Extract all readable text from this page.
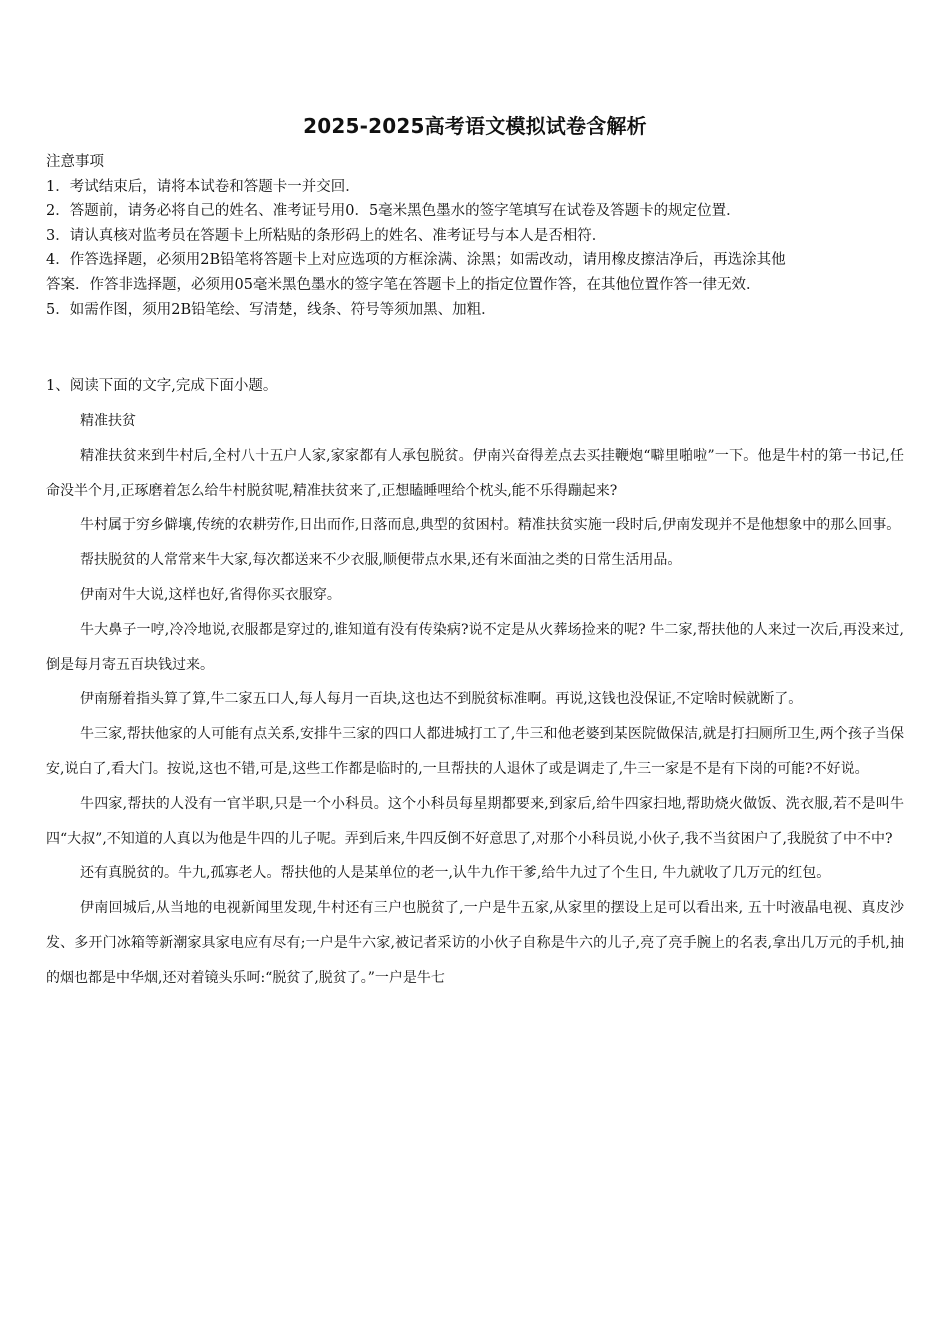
2025-2025高考语文模拟试卷含解析
注意事项
1．考试结束后，请将本试卷和答题卡一并交回．
2．答题前，请务必将自己的姓名、准考证号用0．5毫米黑色墨水的签字笔填写在试卷及答题卡的规定位置．
3．请认真核对监考员在答题卡上所粘贴的条形码上的姓名、准考证号与本人是否相符．
4．作答选择题，必须用2B铅笔将答题卡上对应选项的方框涂满、涂黑；如需改动，请用橡皮擦洁净后，再选涂其他
答案．作答非选择题，必须用05毫米黑色墨水的签字笔在答题卡上的指定位置作答，在其他位置作答一律无效．
5．如需作图，须用2B铅笔绘、写清楚，线条、符号等须加黑、加粗．
1、阅读下面的文字,完成下面小题。
精准扶贫
精准扶贫来到牛村后,全村八十五户人家,家家都有人承包脱贫。伊南兴奋得差点去买挂鞭炮“噼里啪啦”一下。他是牛村的第一书记,任命没半个月,正琢磨着怎么给牛村脱贫呢,精准扶贫来了,正想瞌睡哩给个枕头,能不乐得蹦起来?
牛村属于穷乡僻壤,传统的农耕劳作,日出而作,日落而息,典型的贫困村。精准扶贫实施一段时后,伊南发现并不是他想象中的那么回事。
帮扶脱贫的人常常来牛大家,每次都送来不少衣服,顺便带点水果,还有米面油之类的日常生活用品。
伊南对牛大说,这样也好,省得你买衣服穿。
牛大鼻子一哼,冷冷地说,衣服都是穿过的,谁知道有没有传染病?说不定是从火葬场捡来的呢? 牛二家,帮扶他的人来过一次后,再没来过,倒是每月寄五百块钱过来。
伊南掰着指头算了算,牛二家五口人,每人每月一百块,这也达不到脱贫标准啊。再说,这钱也没保证,不定啥时候就断了。
牛三家,帮扶他家的人可能有点关系,安排牛三家的四口人都进城打工了,牛三和他老婆到某医院做保洁,就是打扫厕所卫生,两个孩子当保安,说白了,看大门。按说,这也不错,可是,这些工作都是临时的,一旦帮扶的人退休了或是调走了,牛三一家是不是有下岗的可能?不好说。
牛四家,帮扶的人没有一官半职,只是一个小科员。这个小科员每星期都要来,到家后,给牛四家扫地,帮助烧火做饭、洗衣服,若不是叫牛四“大叔”,不知道的人真以为他是牛四的儿子呢。弄到后来,牛四反倒不好意思了,对那个小科员说,小伙子,我不当贫困户了,我脱贫了中不中?
还有真脱贫的。牛九,孤寡老人。帮扶他的人是某单位的老一,认牛九作干爹,给牛九过了个生日, 牛九就收了几万元的红包。
伊南回城后,从当地的电视新闻里发现,牛村还有三户也脱贫了,一户是牛五家,从家里的摆设上足可以看出来, 五十吋液晶电视、真皮沙发、多开门冰箱等新潮家具家电应有尽有;一户是牛六家,被记者采访的小伙子自称是牛六的儿子,亮了亮手腕上的名表,拿出几万元的手机,抽的烟也都是中华烟,还对着镜头乐呵:“脱贫了,脱贫了。”一户是牛七
